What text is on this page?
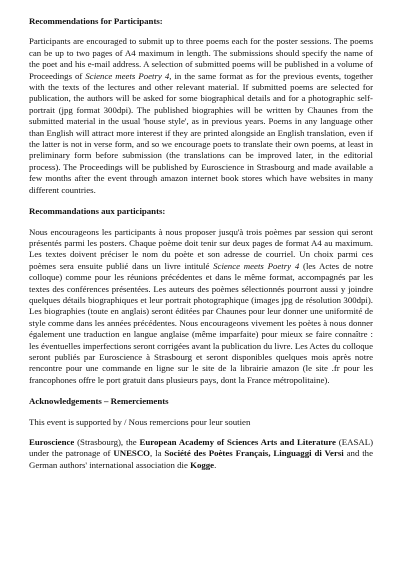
Recommendations for Participants:

Participants are encouraged to submit up to three poems each for the poster sessions. The poems can be up to two pages of A4 maximum in length. The submissions should specify the name of the poet and his e-mail address. A selection of submitted poems will be published in a volume of Proceedings of Science meets Poetry 4, in the same format as for the previous events, together with the texts of the lectures and other relevant material. If submitted poems are selected for publication, the authors will be asked for some biographical details and for a photographic self-portrait (jpg format 300dpi). The published biographies will be written by Chaunes from the submitted material in the usual 'house style', as in previous years. Poems in any language other than English will attract more interest if they are printed alongside an English translation, even if the latter is not in verse form, and so we encourage poets to translate their own poems, at least in preliminary form before submission (the translations can be improved later, in the editorial process). The Proceedings will be published by Euroscience in Strasbourg and made available a few months after the event through amazon internet book stores which have websites in many different countries.

Recommandations aux participants:

Nous encourageons les participants à nous proposer jusqu'à trois poèmes par session qui seront présentés parmi les posters. Chaque poème doit tenir sur deux pages de format A4 au maximum. Les textes doivent préciser le nom du poète et son adresse de courriel. Un choix parmi ces poèmes sera ensuite publié dans un livre intitulé Science meets Poetry 4 (les Actes de notre colloque) comme pour les réunions précédentes et dans le même format, accompagnés par les textes des conférences présentées. Les auteurs des poèmes sélectionnés pourront aussi y joindre quelques détails biographiques et leur portrait photographique (images jpg de résolution 300dpi). Les biographies (toute en anglais) seront éditées par Chaunes pour leur donner une uniformité de style comme dans les années précédentes. Nous encourageons vivement les poètes à nous donner également une traduction en langue anglaise (même imparfaite) pour mieux se faire connaître : les éventuelles imperfections seront corrigées avant la publication du livre. Les Actes du colloque seront publiés par Euroscience à Strasbourg et seront disponibles quelques mois après notre rencontre pour une commande en ligne sur le site de la librairie amazon (le site .fr pour les francophones offre le port gratuit dans plusieurs pays, dont la France métropolitaine).

Acknowledgements – Remerciements

This event is supported by / Nous remercions pour leur soutien

Euroscience (Strasbourg), the European Academy of Sciences Arts and Literature (EASAL) under the patronage of UNESCO, la Société des Poètes Français, Linguaggi di Versi and the German authors' international association die Kogge.
